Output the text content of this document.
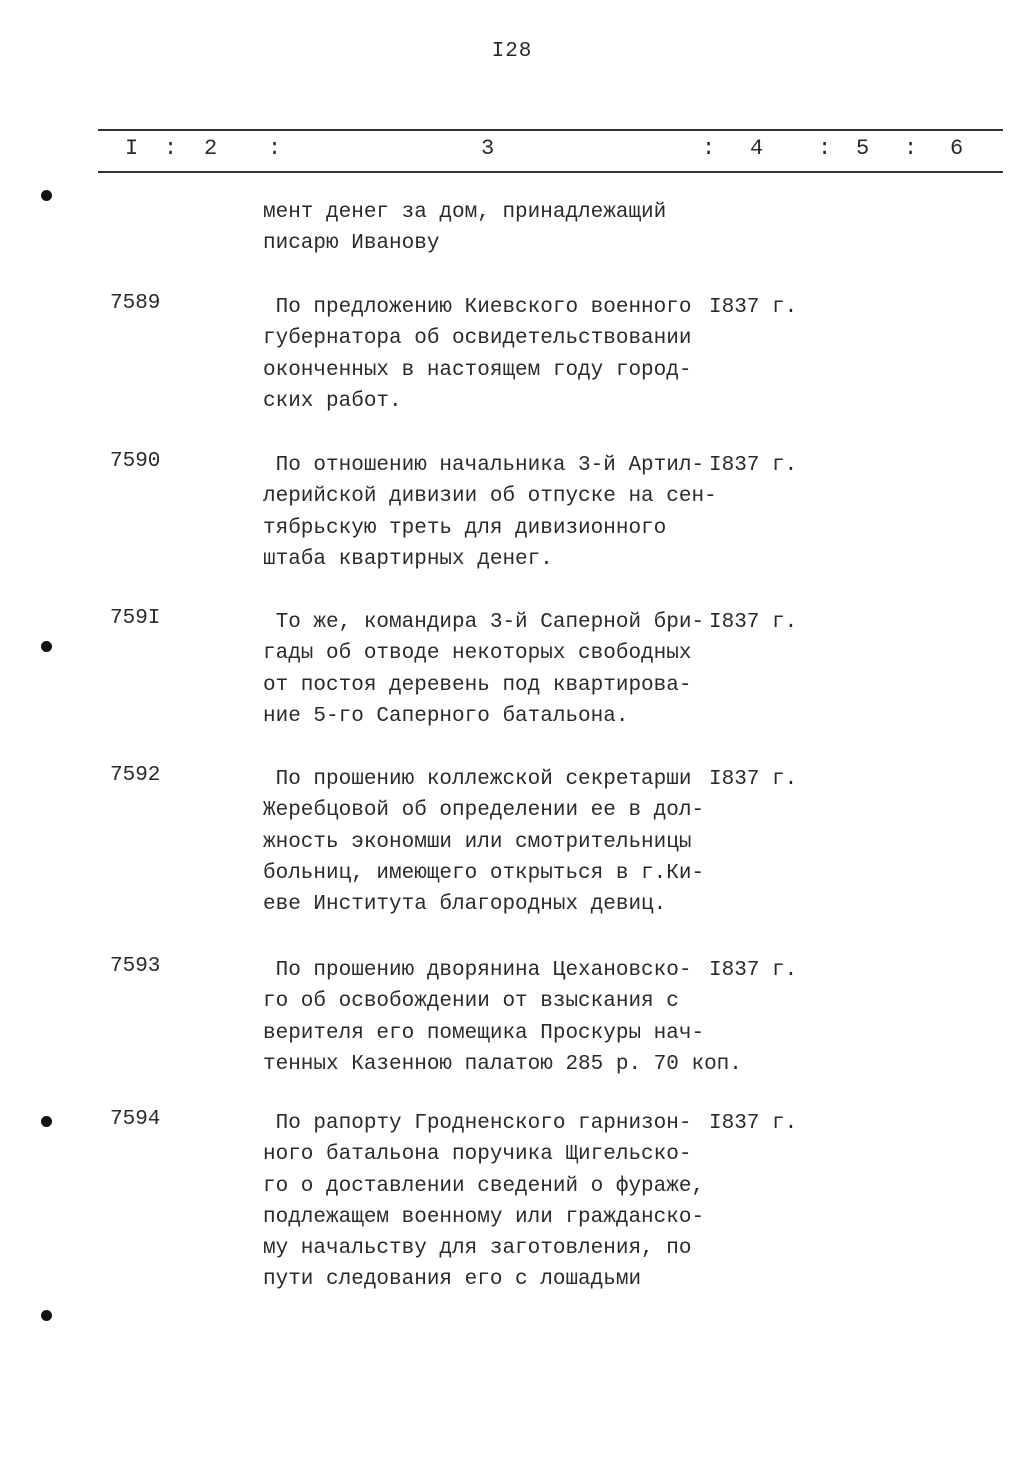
I28
I : 2 :	3	: 4 : 5 : 6
мент денег за дом, принадлежащий
писарю Иванову
7589	По предложению Киевского военного
губернатора об освидетельствовании
оконченных в настоящем году город-
ских работ.
I837 г.
7590	По отношению начальника 3-й Артил-
лерийской дивизии об отпуске на сен-
тябрьскую треть для дивизионного
штаба квартирных денег.
I837 г.
759I	То же, командира 3-й Саперной бри-
гады об отводе некоторых свободных
от постоя деревень под квартирова-
ние 5-го Саперного батальона.
I837 г.
7592	По прошению коллежской секретарши
Жеребцовой об определении ее в дол-
жность экономши или смотрительницы
больниц, имеющего открыться в г.Ки-
еве Института благородных девиц.
I837 г.
7593	По прошению дворянина Цехановско-
го об освобождении от взыскания с
верителя его помещика Проскуры нач-
тенных Казенною палатою 285 р. 70 коп.
I837 г.
7594	По рапорту Гродненского гарнизон-
ного батальона поручика Щигельско-
го о доставлении сведений о фураже,
подлежащем военному или гражданско-
му начальству для заготовления, по
пути следования его с лошадьми
I837 г.
